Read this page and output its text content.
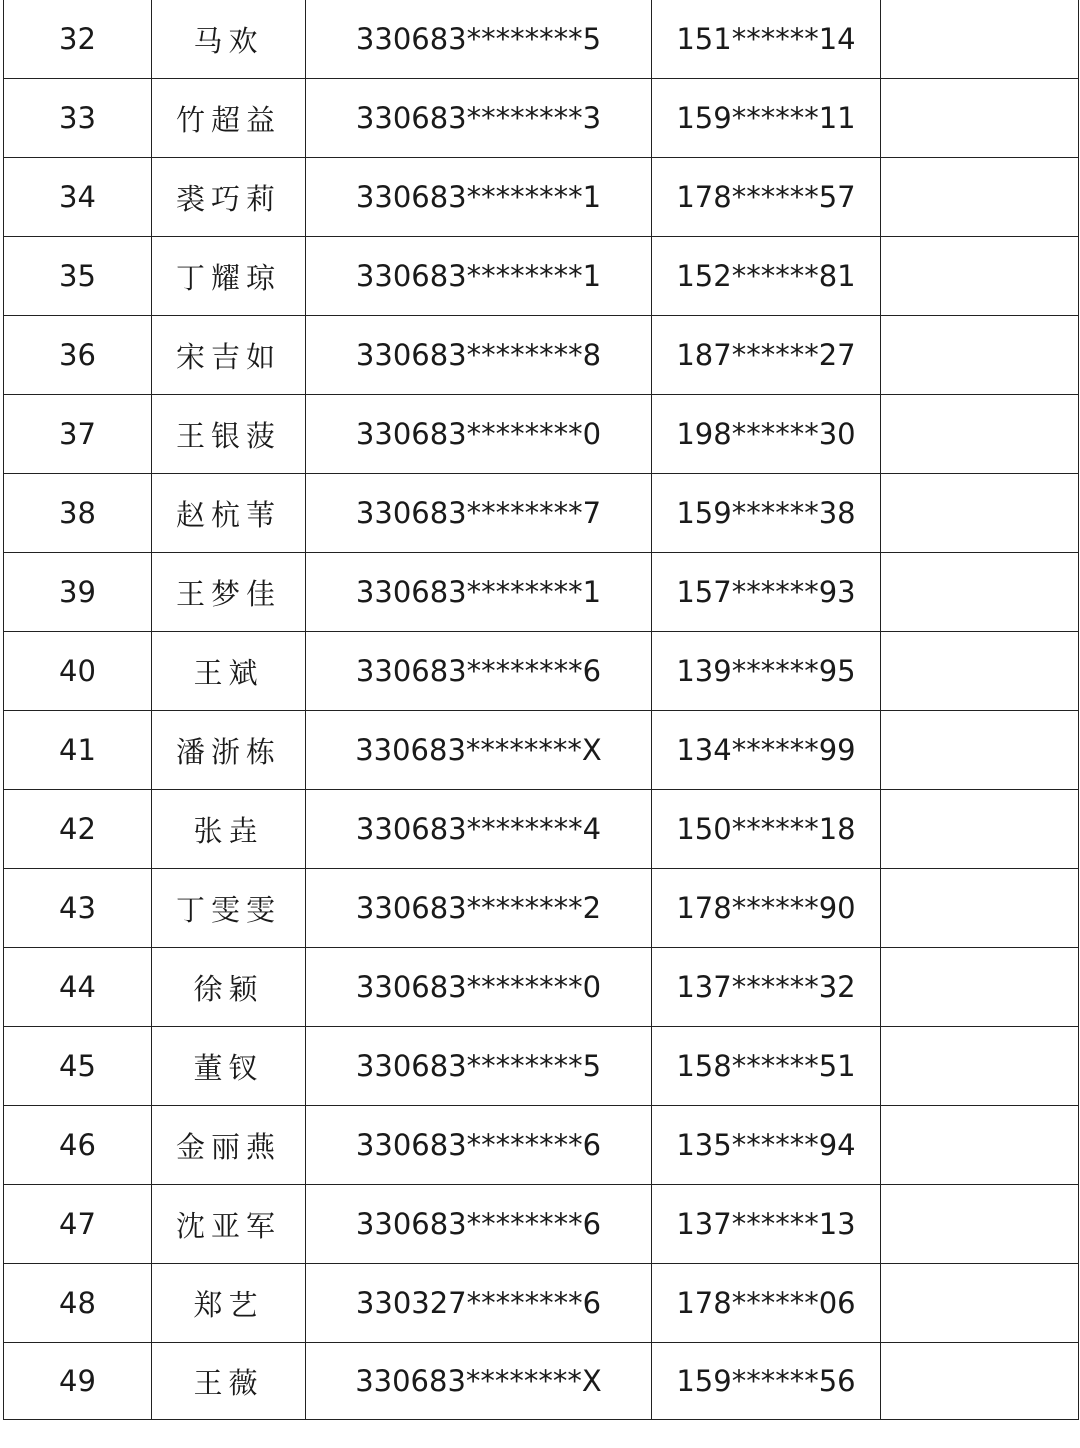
32	马欢	330683********5	151******14	
33	竹超益	330683********3	159******11	
34	裘巧莉	330683********1	178******57	
35	丁耀琼	330683********1	152******81	
36	宋吉如	330683********8	187******27	
37	王银菠	330683********0	198******30	
38	赵杭苇	330683********7	159******38	
39	王梦佳	330683********1	157******93	
40	王斌	330683********6	139******95	
41	潘浙栋	330683********X	134******99	
42	张垚	330683********4	150******18	
43	丁雯雯	330683********2	178******90	
44	徐颖	330683********0	137******32	
45	董钗	330683********5	158******51	
46	金丽燕	330683********6	135******94	
47	沈亚军	330683********6	137******13	
48	郑艺	330327********6	178******06	
49	王薇	330683********X	159******56	
